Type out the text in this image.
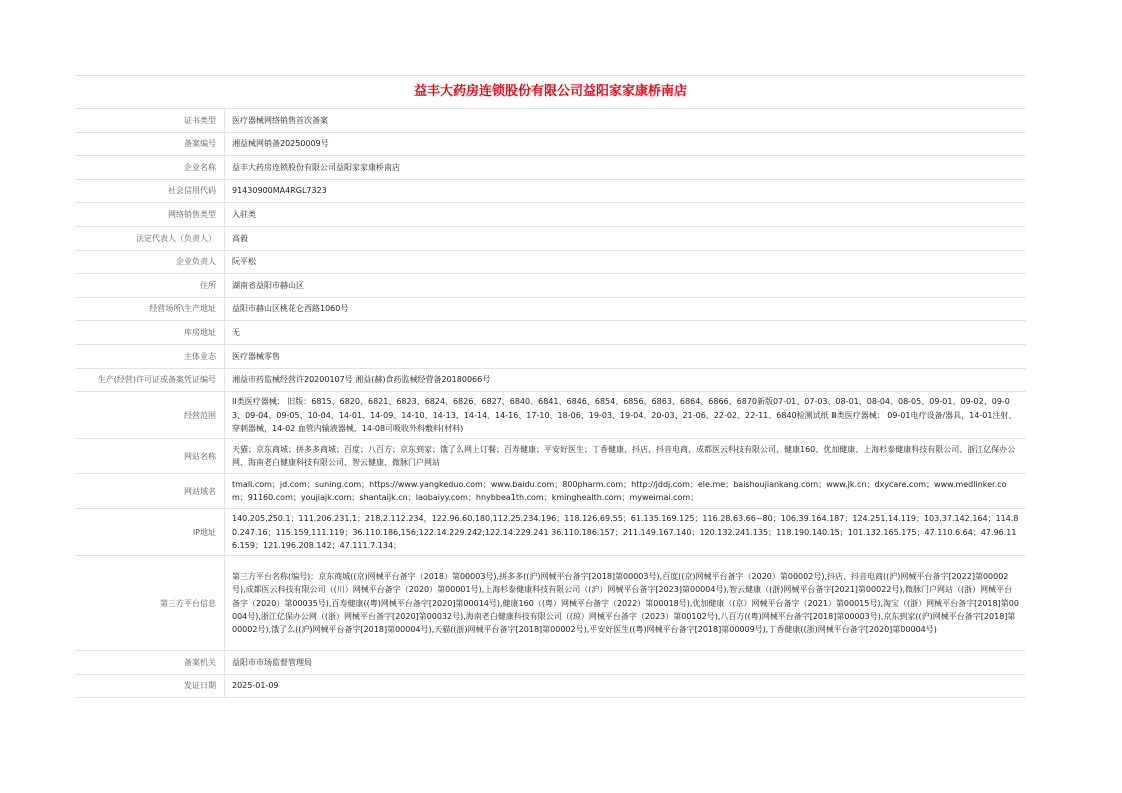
益丰大药房连锁股份有限公司益阳家家康桥南店
证书类型	医疗器械网络销售首次备案
备案编号	湘益械网销备20250009号
企业名称	益丰大药房连锁股份有限公司益阳家家康桥南店
社会信用代码	91430900MA4RGL7323
网络销售类型	入驻类
法定代表人（负责人）	高毅
企业负责人	阮平松
住所	湖南省益阳市赫山区
经营场所\生产地址	益阳市赫山区桃花仑西路1060号
库房地址	无
主体业态	医疗器械零售
生产(经营)许可证或备案凭证编号	湘益市药监械经营许20200107号 湘益(赫)食药监械经营备20180066号
经营范围	II类医疗器械： 旧版：6815、6820、6821、6823、6824、6826、6827、6840、6841、6846、6854、6856、6863、6864、6866、6870新版07-01、07-03、08-01、08-04、08-05、09-01、09-02、09-03、09-04、09-05、10-04、14-01、14-09、14-10、14-13、14-14、14-16、17-10、18-06、19-03、19-04、20-03、21-06、22-02、22-11、6840检测试纸 Ⅲ类医疗器械： 09-01电疗设备/器具，14-01注射、穿刺器械，14-02 血管内输液器械，14-08可吸收外科敷料(材料)
网站名称	天猫；京东商城；拼多多商城；百度；八百方；京东到家；饿了么网上订餐；百寿健康；平安好医生；丁香健康、抖店、抖音电商、成都医云科技有限公司、健康160、优加健康、上海杉泰健康科技有限公司、浙江亿保办公网、海南老白健康科技有限公司、智云健康、微脉门户网站
网站域名	tmall.com；jd.com；suning.com；https://www.yangkeduo.com；www.baidu.com；800pharm.com；http://jddj.com；ele.me；baishoujiankang.com；www.jk.cn；dxycare.com；www.medlinker.com；91160.com；youjiajk.com；shantaijk.cn；laobaiyy.com；hnybbea1th.com；kminghealth.com；myweimai.com；
IP地址	140.205.250.1；111.206.231.1；218.2.112.234，122.96.60.180,112.25.234.196；118.126.69.55；61.135.169.125；116.28.63.66~80；106.39.164.187；124.251.14.119；103.37.142.164；114.80.247.16；115.159,111.119；36.110.186,156;122.14.229.242;122.14.229.241 36.110.186.157；211.149.167.140；120.132.241.135；118.190.140.15；101.132.165.175；47.110.6.64；47.96.116.159；121.196.208.142；47.111.7.134；
第三方平台信息	第三方平台名称(编号)：京东商城((京)网械平台备字（2018）第00003号),拼多多((沪)网械平台备字[2018]第00003号),百度((京)网械平台备字（2020）第00002号),抖店、抖音电商((沪)网械平台备字[2022]第00002号),成都医云科技有限公司（(川）网械平台备字（2020）第00001号),上海杉泰健康科技有限公司（(沪）网械平台备字[2023]第00004号),智云健康（(浙)网械平台备字[2021]第00022号),微脉门户网站（(浙）网械平台备字（2020）第00035号),百寿健康((粤)网械平台备字[2020]第00014号),健康160（(粤）网械平台备字（2022）第00018号),优加健康（(京）网械平台备字（2021）第00015号),淘宝（(浙）网械平台备字[2018]第00004号),浙江亿保办公网（(浙）网械平台备字[2020]第00032号),海南老白健康科技有限公司（(琼）网械平台备字（2023）第00102号),八百方((粤)网械平台备字[2018]第00003号),京东到家((沪)网械平台备字[2018]第00002号),饿了么((沪)网械平台备字[2018]第00004号),天猫((浙)网械平台备字[2018]第00002号),平安好医生((粤)网械平台备字[2018]第00009号),丁香健康((浙)网械平台备字[2020]第00004号)
备案机关	益阳市市场监督管理局
发证日期	2025-01-09
